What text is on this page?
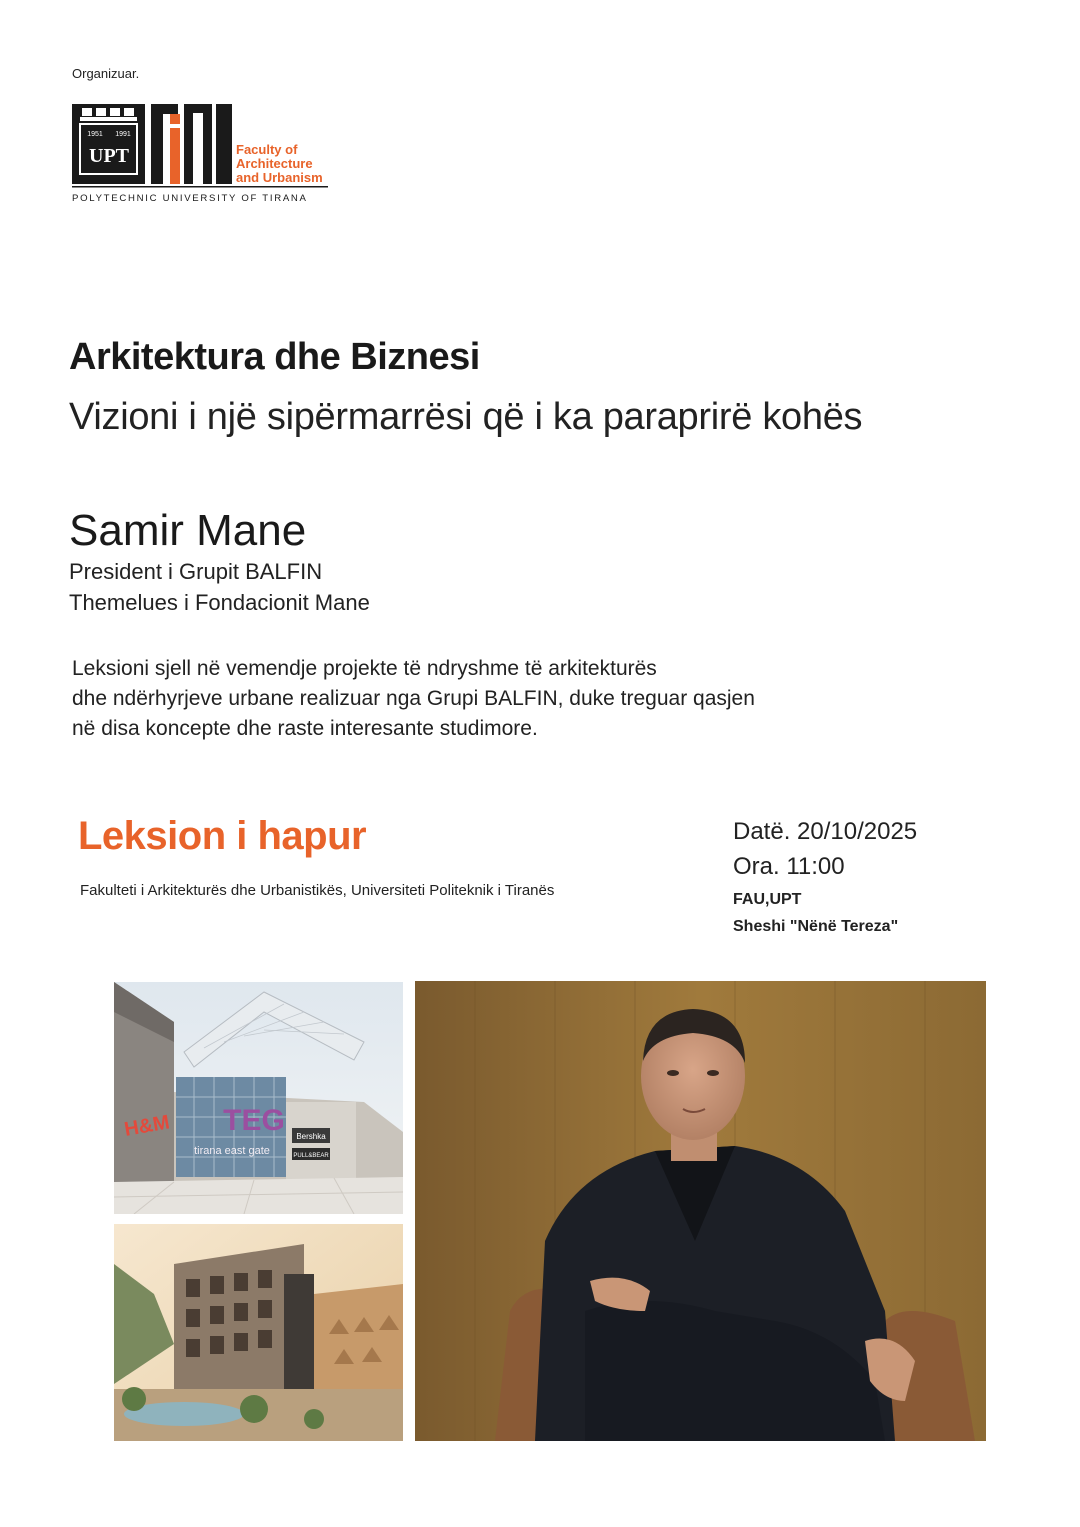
Organizuar.
1951 1991
UPT	Faculty of
Architecture
and Urbanism
POLYTECHNIC UNIVERSITY OF TIRANA
Arkitektura dhe Biznesi
Vizioni i një sipërmarrësi që i ka paraprirë kohës
Samir Mane
President i Grupit BALFIN
Themelues i Fondacionit Mane
Leksioni sjell në vemendje projekte të ndryshme të arkitekturës
dhe ndërhyrjeve urbane realizuar nga Grupi BALFIN, duke treguar qasjen
në disa koncepte dhe raste interesante studimore.
Leksion i hapur
Fakulteti i Arkitekturës dhe Urbanistikës, Universiteti Politeknik i Tiranës
Datë. 20/10/2025
Ora. 11:00
FAU,UPT
Sheshi "Nënë Tereza"
H&M TEG
tirana east gate
Bershka
PULL&BEAR
